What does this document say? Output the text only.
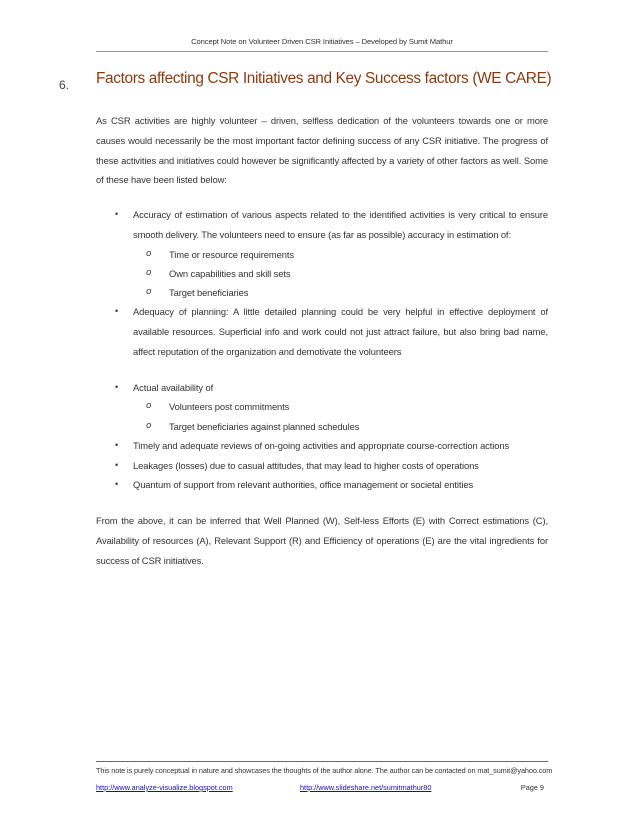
Concept Note on Volunteer Driven CSR Initiatives – Developed by Sumit Mathur
6. Factors affecting CSR Initiatives and Key Success factors (WE CARE)

As CSR activities are highly volunteer – driven, selfless dedication of the volunteers towards one or more causes would necessarily be the most important factor defining success of any CSR initiative. The progress of these activities and initiatives could however be significantly affected by a variety of other factors as well. Some of these have been listed below:

• Accuracy of estimation of various aspects related to the identified activities is very critical to ensure smooth delivery. The volunteers need to ensure (as far as possible) accuracy in estimation of:
o Time or resource requirements
o Own capabilities and skill sets
o Target beneficiaries
• Adequacy of planning: A little detailed planning could be very helpful in effective deployment of available resources. Superficial info and work could not just attract failure, but also bring bad name, affect reputation of the organization and demotivate the volunteers
• Actual availability of
o Volunteers post commitments
o Target beneficiaries against planned schedules
• Timely and adequate reviews of on-going activities and appropriate course-correction actions
• Leakages (losses) due to casual attitudes, that may lead to higher costs of operations
• Quantum of support from relevant authorities, office management or societal entities

From the above, it can be inferred that Well Planned (W), Self-less Efforts (E) with Correct estimations (C), Availability of resources (A), Relevant Support (R) and Efficiency of operations (E) are the vital ingredients for success of CSR initiatives.

This note is purely conceptual in nature and showcases the thoughts of the author alone. The author can be contacted on mat_sumit@yahoo.com

http://www.analyze-visualize.blogspot.com	http://www.slideshare.net/sumitmathur80	Page 9
